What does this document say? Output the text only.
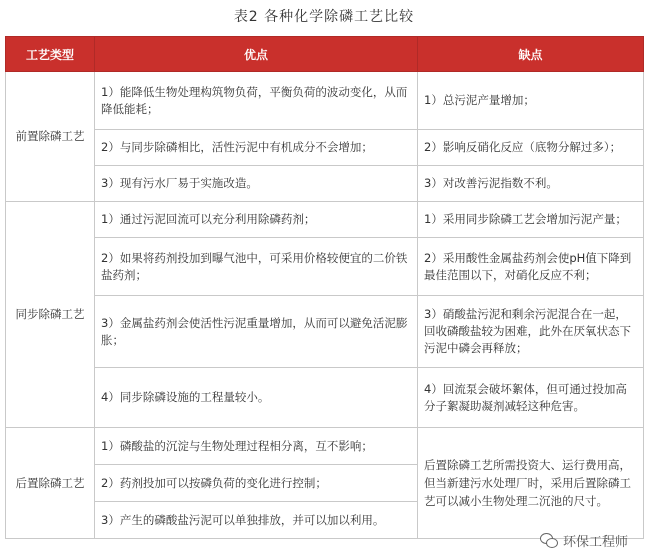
表2 各种化学除磷工艺比较
工艺类型	优点	缺点
前置除磷工艺	1）能降低生物处理构筑物负荷，平衡负荷的波动变化，从而降低能耗；	1）总污泥产量增加；
	2）与同步除磷相比，活性污泥中有机成分不会增加；	2）影响反硝化反应（底物分解过多）；
	3）现有污水厂易于实施改造。	3）对改善污泥指数不利。
同步除磷工艺	1）通过污泥回流可以充分利用除磷药剂；	1）采用同步除磷工艺会增加污泥产量；
	2）如果将药剂投加到曝气池中，可采用价格较便宜的二价铁盐药剂；	2）采用酸性金属盐药剂会使pH值下降到最佳范围以下，对硝化反应不利；
	3）金属盐药剂会使活性污泥重量增加，从而可以避免活泥膨胀；	3）硝酸盐污泥和剩余污泥混合在一起，回收磷酸盐较为困难，此外在厌氧状态下污泥中磷会再释放；
	4）同步除磷设施的工程量较小。	4）回流泵会破坏絮体，但可通过投加高分子絮凝助凝剂减轻这种危害。
后置除磷工艺	1）磷酸盐的沉淀与生物处理过程相分离，互不影响；	后置除磷工艺所需投资大、运行费用高，但当新建污水处理厂时，采用后置除磷工艺可以减小生物处理二沉池的尺寸。
	2）药剂投加可以按磷负荷的变化进行控制；	
	3）产生的磷酸盐污泥可以单独排放，并可以加以利用。	
环保工程师
